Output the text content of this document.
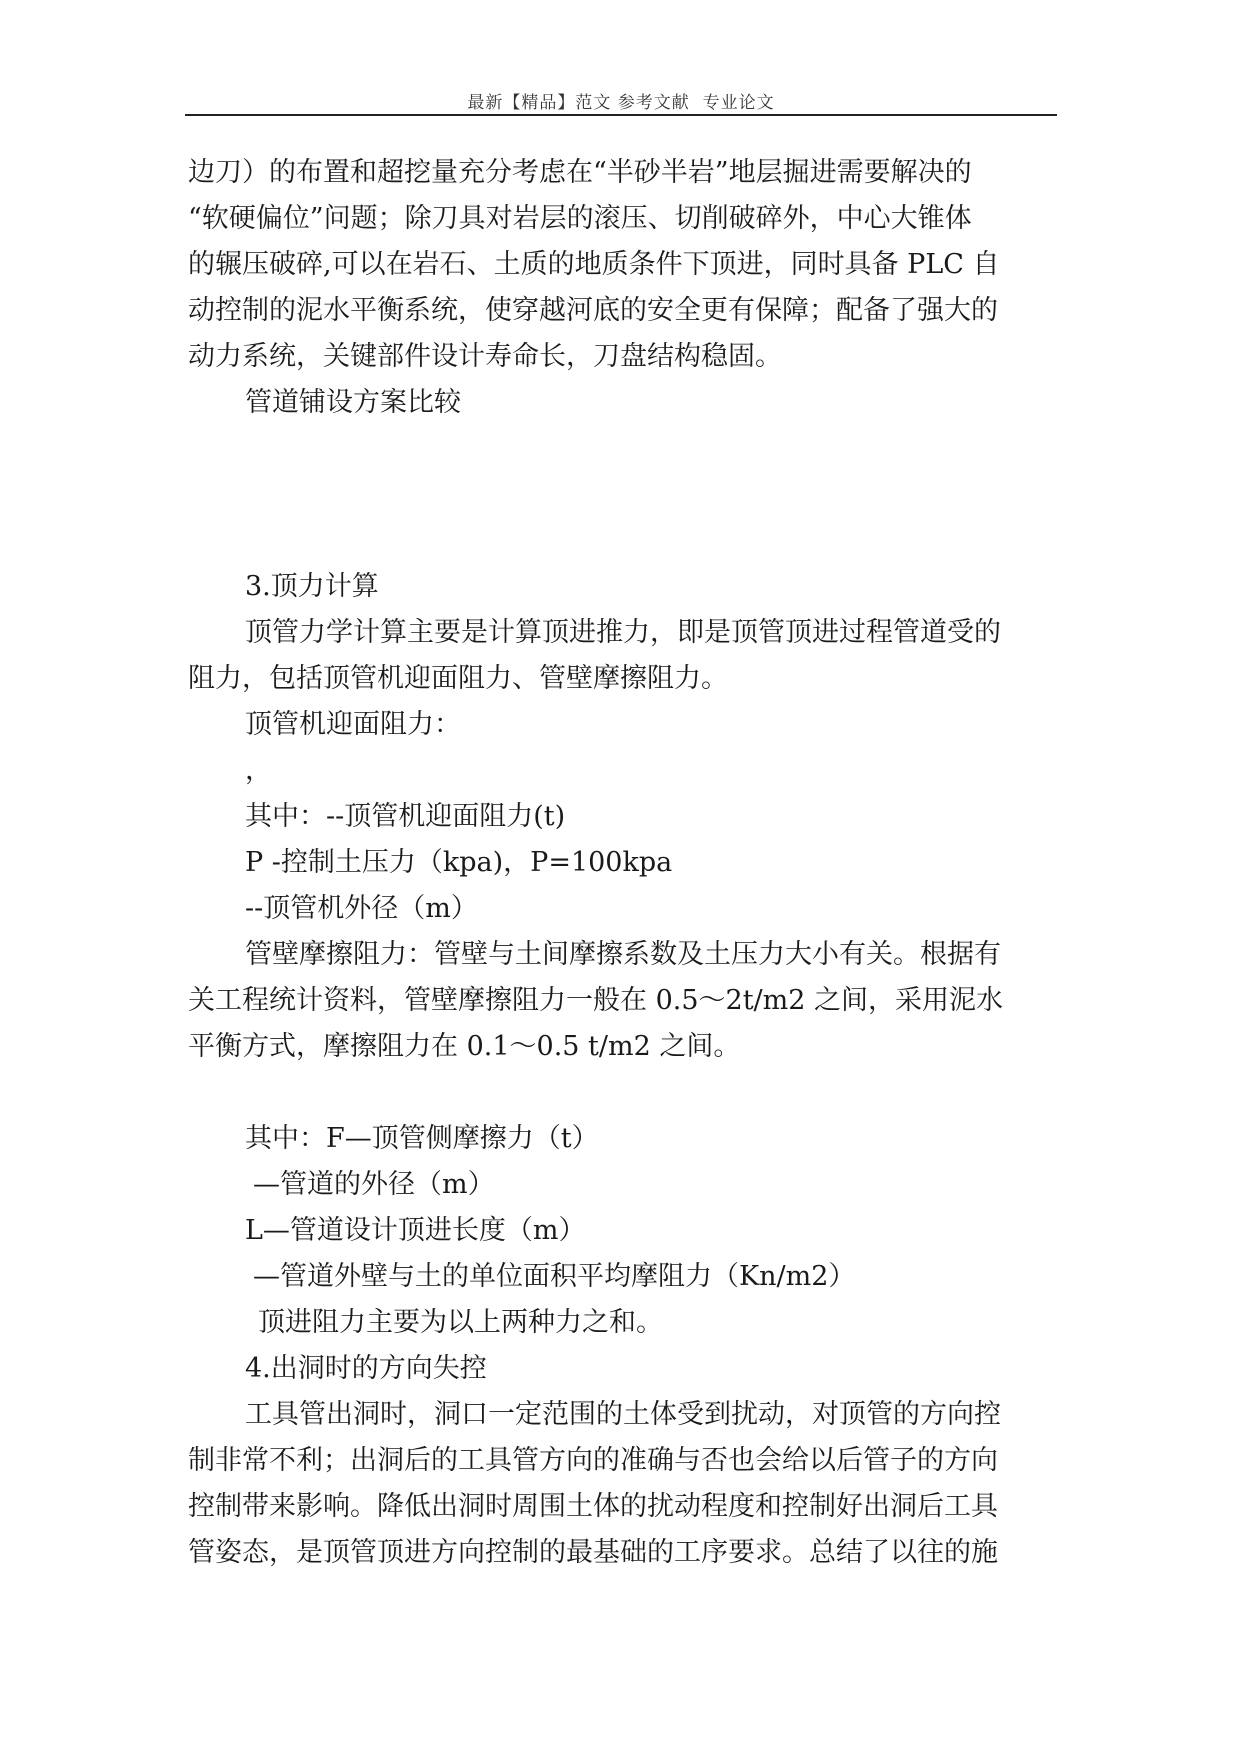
最新【精品】范文 参考文献  专业论文
边刀）的布置和超挖量充分考虑在“半砂半岩”地层掘进需要解决的
“软硬偏位”问题；除刀具对岩层的滚压、切削破碎外，中心大锥体
的辗压破碎,可以在岩石、土质的地质条件下顶进，同时具备 PLC 自
动控制的泥水平衡系统，使穿越河底的安全更有保障；配备了强大的
动力系统，关键部件设计寿命长，刀盘结构稳固。
管道铺设方案比较
3.顶力计算
顶管力学计算主要是计算顶进推力，即是顶管顶进过程管道受的
阻力，包括顶管机迎面阻力、管壁摩擦阻力。
顶管机迎面阻力：
，
其中：--顶管机迎面阻力(t)
P -控制土压力（kpa)，P=100kpa
--顶管机外径（m）
管壁摩擦阻力：管壁与土间摩擦系数及土压力大小有关。根据有
关工程统计资料，管壁摩擦阻力一般在 0.5～2t/m2 之间，采用泥水
平衡方式，摩擦阻力在 0.1～0.5 t/m2 之间。
其中：F—顶管侧摩擦力（t）
—管道的外径（m）
L—管道设计顶进长度（m）
—管道外壁与土的单位面积平均摩阻力（Kn/m2）
顶进阻力主要为以上两种力之和。
4.出洞时的方向失控
工具管出洞时，洞口一定范围的土体受到扰动，对顶管的方向控
制非常不利；出洞后的工具管方向的准确与否也会给以后管子的方向
控制带来影响。降低出洞时周围土体的扰动程度和控制好出洞后工具
管姿态，是顶管顶进方向控制的最基础的工序要求。总结了以往的施
